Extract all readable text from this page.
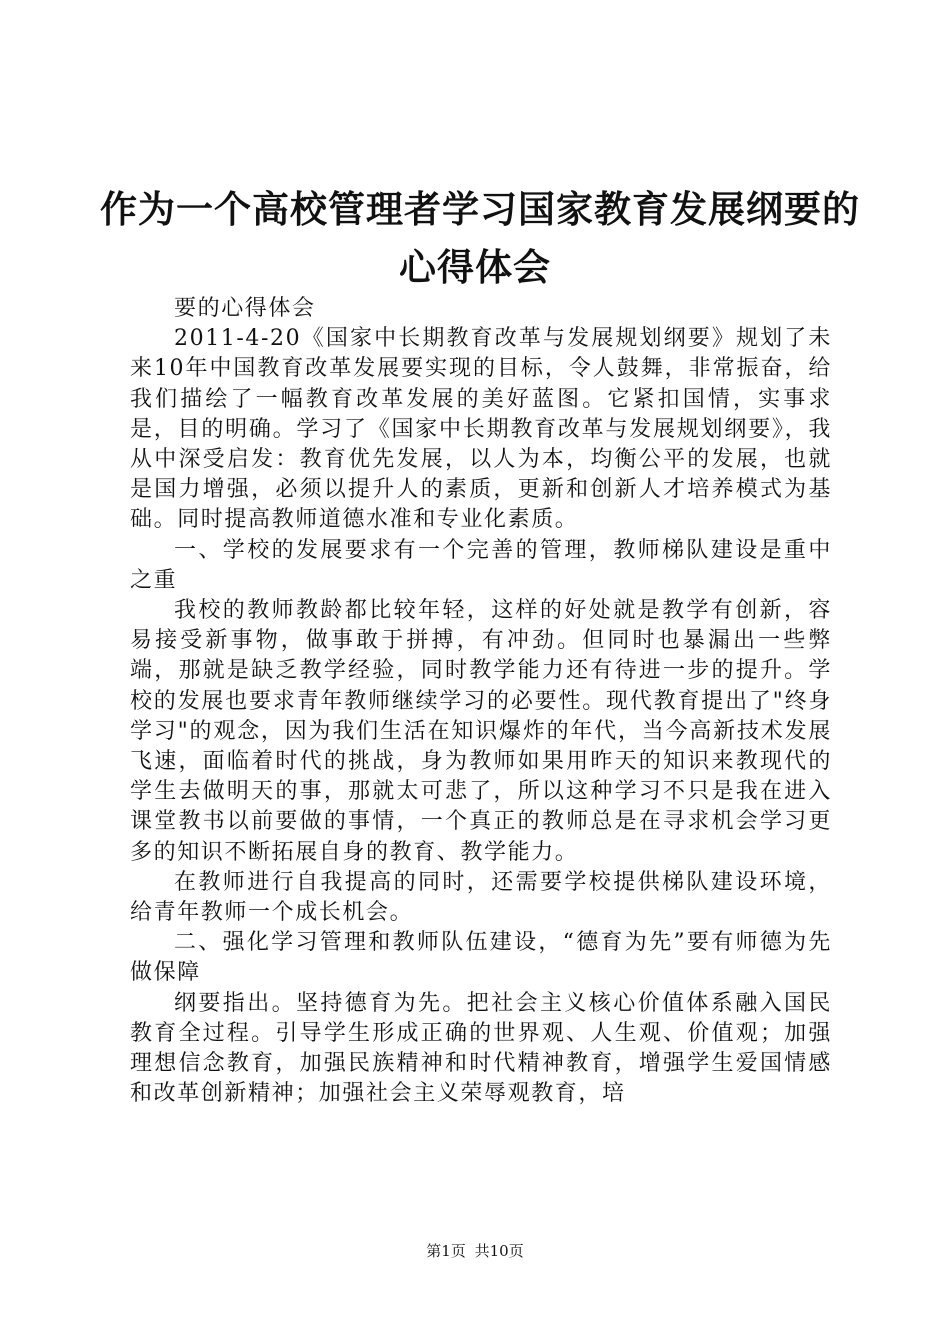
作为一个高校管理者学习国家教育发展纲要的
心得体会

要的心得体会

2011-4-20《国家中长期教育改革与发展规划纲要》规划了未来10年中国教育改革发展要实现的目标，令人鼓舞，非常振奋，给我们描绘了一幅教育改革发展的美好蓝图。它紧扣国情，实事求是，目的明确。学习了《国家中长期教育改革与发展规划纲要》，我从中深受启发：教育优先发展，以人为本，均衡公平的发展，也就是国力增强，必须以提升人的素质，更新和创新人才培养模式为基础。同时提高教师道德水准和专业化素质。

一、学校的发展要求有一个完善的管理，教师梯队建设是重中之重

我校的教师教龄都比较年轻，这样的好处就是教学有创新，容易接受新事物，做事敢于拼搏，有冲劲。但同时也暴漏出一些弊端，那就是缺乏教学经验，同时教学能力还有待进一步的提升。学校的发展也要求青年教师继续学习的必要性。现代教育提出了"终身学习"的观念，因为我们生活在知识爆炸的年代，当今高新技术发展飞速，面临着时代的挑战，身为教师如果用昨天的知识来教现代的学生去做明天的事，那就太可悲了，所以这种学习不只是我在进入课堂教书以前要做的事情，一个真正的教师总是在寻求机会学习更多的知识不断拓展自身的教育、教学能力。

在教师进行自我提高的同时，还需要学校提供梯队建设环境，给青年教师一个成长机会。

二、强化学习管理和教师队伍建设，“德育为先”要有师德为先做保障

纲要指出。坚持德育为先。把社会主义核心价值体系融入国民教育全过程。引导学生形成正确的世界观、人生观、价值观；加强理想信念教育，加强民族精神和时代精神教育，增强学生爱国情感和改革创新精神；加强社会主义荣辱观教育，培

第1页 共10页
